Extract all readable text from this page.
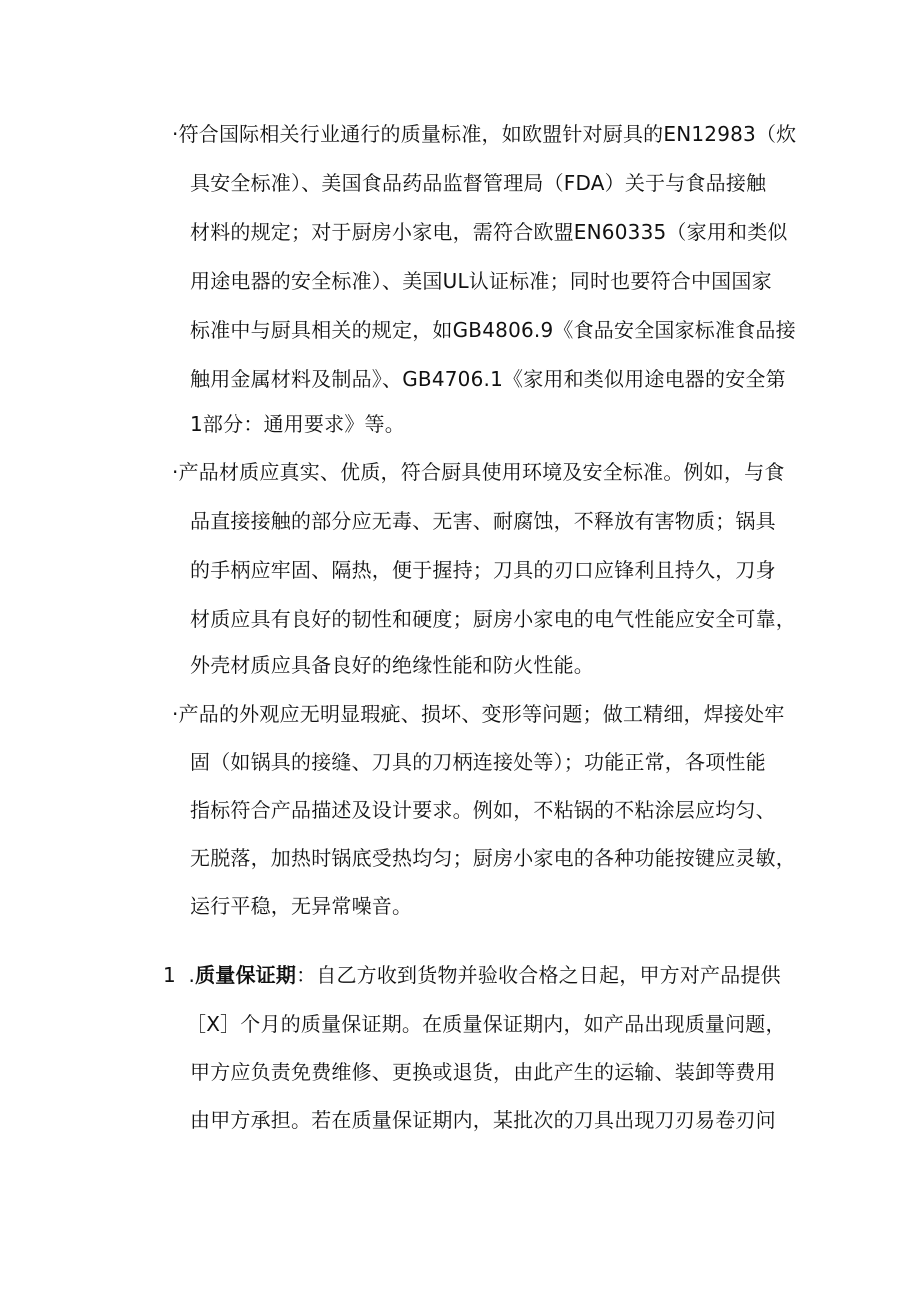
·符合国际相关行业通行的质量标准，如欧盟针对厨具的EN12983（炊
具安全标准）、美国食品药品监督管理局（FDA）关于与食品接触
材料的规定；对于厨房小家电，需符合欧盟EN60335（家用和类似
用途电器的安全标准）、美国UL认证标准；同时也要符合中国国家
标准中与厨具相关的规定，如GB4806.9《食品安全国家标准食品接
触用金属材料及制品》、GB4706.1《家用和类似用途电器的安全第
1部分：通用要求》等。
·产品材质应真实、优质，符合厨具使用环境及安全标准。例如，与食
品直接接触的部分应无毒、无害、耐腐蚀，不释放有害物质；锅具
的手柄应牢固、隔热，便于握持；刀具的刃口应锋利且持久，刀身
材质应具有良好的韧性和硬度；厨房小家电的电气性能应安全可靠，
外壳材质应具备良好的绝缘性能和防火性能。
·产品的外观应无明显瑕疵、损坏、变形等问题；做工精细，焊接处牢
固（如锅具的接缝、刀具的刀柄连接处等）；功能正常，各项性能
指标符合产品描述及设计要求。例如，不粘锅的不粘涂层应均匀、
无脱落，加热时锅底受热均匀；厨房小家电的各种功能按键应灵敏，
运行平稳，无异常噪音。
1 .质量保证期：自乙方收到货物并验收合格之日起，甲方对产品提供
［X］个月的质量保证期。在质量保证期内，如产品出现质量问题，
甲方应负责免费维修、更换或退货，由此产生的运输、装卸等费用
由甲方承担。若在质量保证期内，某批次的刀具出现刀刃易卷刃问
